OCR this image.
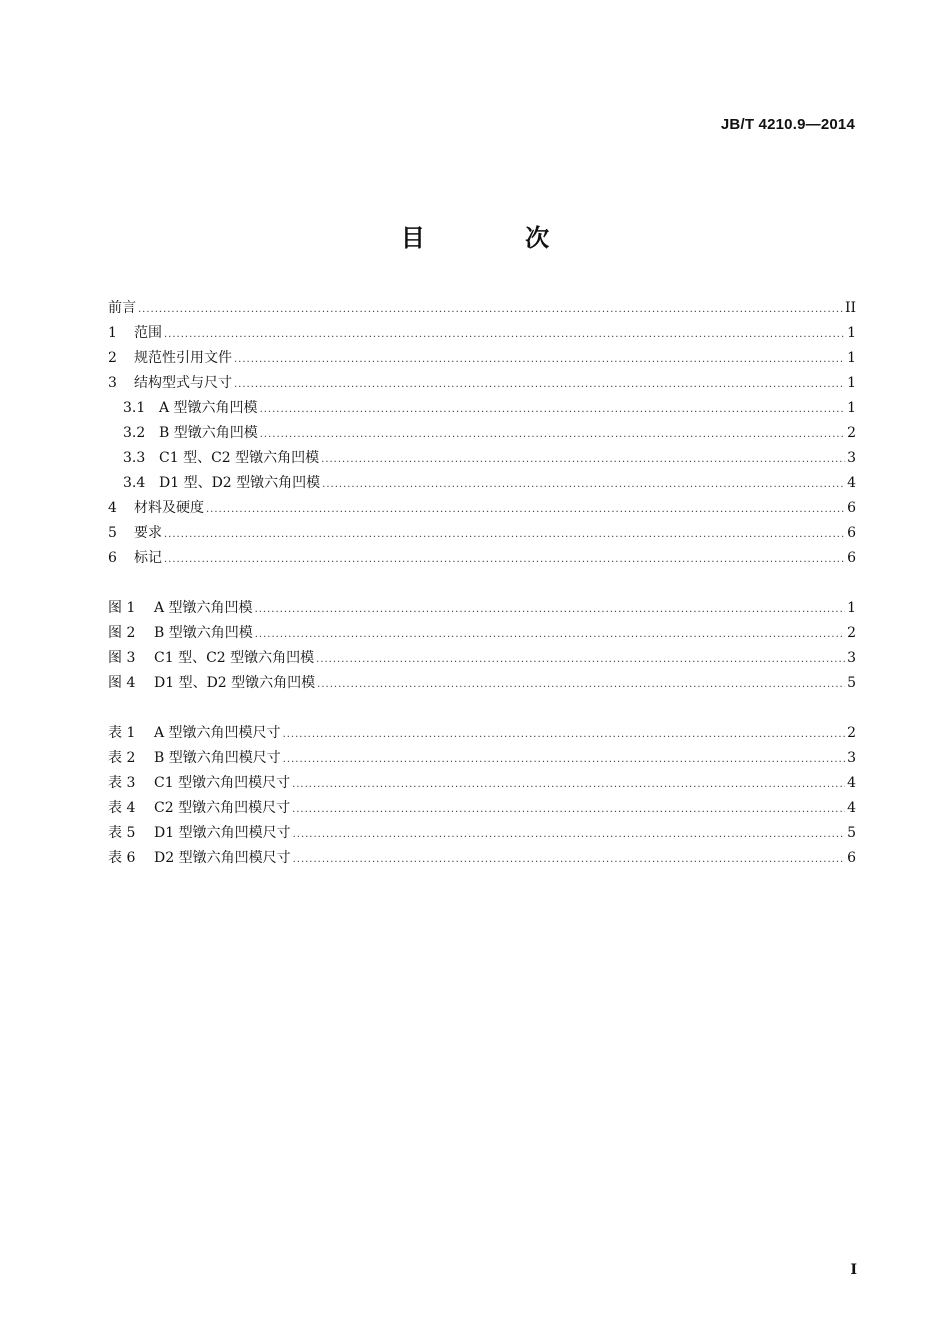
JB/T 4210.9—2014
目 次
前言 .....	II
1	范围 .....	1
2	规范性引用文件 .....	1
3	结构型式与尺寸 .....	1
3.1 A 型镦六角凹模 .....	1
3.2 B 型镦六角凹模 .....	2
3.3 C1 型、C2 型镦六角凹模 .....	3
3.4 D1 型、D2 型镦六角凹模 .....	4
4	材料及硬度 .....	6
5	要求 .....	6
6	标记 .....	6
图 1	A 型镦六角凹模 .....	1
图 2	B 型镦六角凹模 .....	2
图 3	C1 型、C2 型镦六角凹模 .....	3
图 4	D1 型、D2 型镦六角凹模 .....	5
表 1	A 型镦六角凹模尺寸 .....	2
表 2	B 型镦六角凹模尺寸 .....	3
表 3	C1 型镦六角凹模尺寸 .....	4
表 4	C2 型镦六角凹模尺寸 .....	4
表 5	D1 型镦六角凹模尺寸 .....	5
表 6	D2 型镦六角凹模尺寸 .....	6
I
